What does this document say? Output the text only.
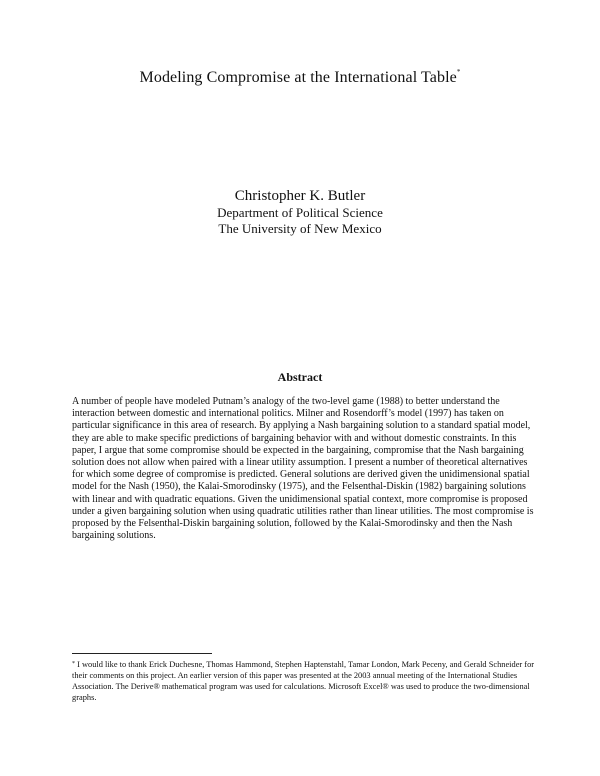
Modeling Compromise at the International Table*
Christopher K. Butler
Department of Political Science
The University of New Mexico
Abstract
A number of people have modeled Putnam’s analogy of the two-level game (1988) to better understand the interaction between domestic and international politics. Milner and Rosendorff’s model (1997) has taken on particular significance in this area of research. By applying a Nash bargaining solution to a standard spatial model, they are able to make specific predictions of bargaining behavior with and without domestic constraints. In this paper, I argue that some compromise should be expected in the bargaining, compromise that the Nash bargaining solution does not allow when paired with a linear utility assumption. I present a number of theoretical alternatives for which some degree of compromise is predicted. General solutions are derived given the unidimensional spatial model for the Nash (1950), the Kalai-Smorodinsky (1975), and the Felsenthal-Diskin (1982) bargaining solutions with linear and with quadratic equations. Given the unidimensional spatial context, more compromise is proposed under a given bargaining solution when using quadratic utilities rather than linear utilities. The most compromise is proposed by the Felsenthal-Diskin bargaining solution, followed by the Kalai-Smorodinsky and then the Nash bargaining solutions.
* I would like to thank Erick Duchesne, Thomas Hammond, Stephen Haptenstahl, Tamar London, Mark Peceny, and Gerald Schneider for their comments on this project. An earlier version of this paper was presented at the 2003 annual meeting of the International Studies Association. The Derive® mathematical program was used for calculations. Microsoft Excel® was used to produce the two-dimensional graphs.
